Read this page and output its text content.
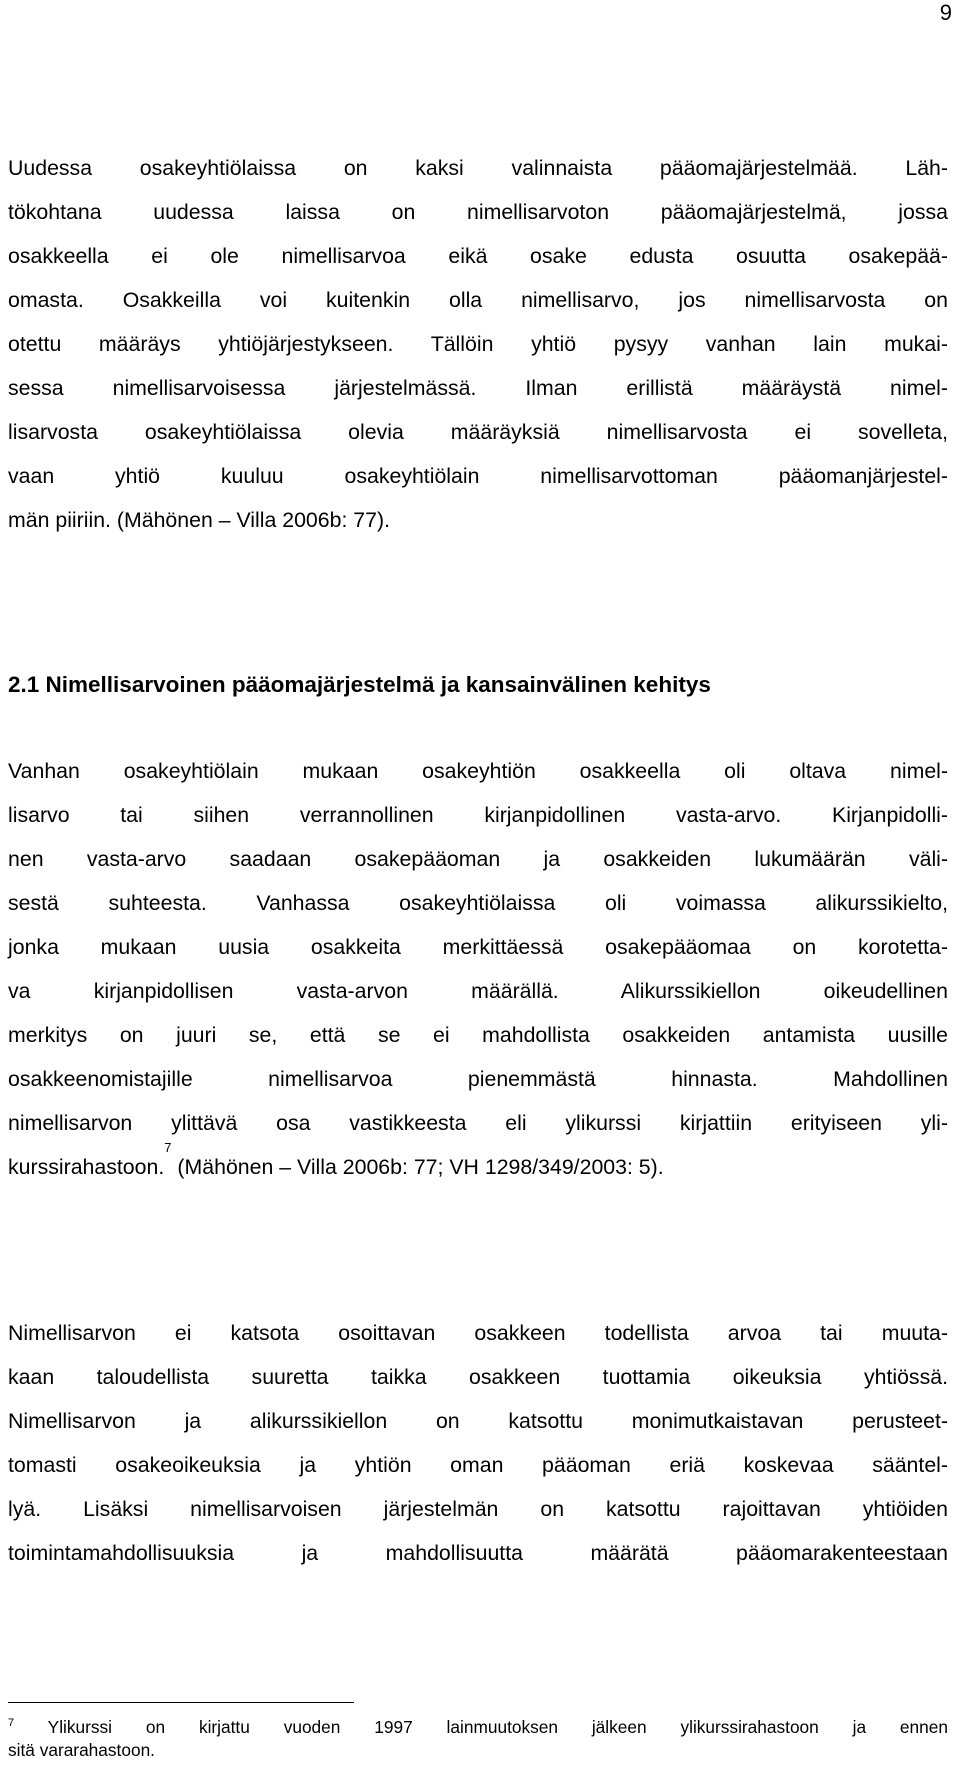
9
Uudessa osakeyhtiölaissa on kaksi valinnaista pääomajärjestelmää. Läh-
tökohtana uudessa laissa on nimellisarvoton pääomajärjestelmä, jossa
osakkeella ei ole nimellisarvoa eikä osake edusta osuutta osakepää-
omasta. Osakkeilla voi kuitenkin olla nimellisarvo, jos nimellisarvosta on
otettu määräys yhtiöjärjestykseen. Tällöin yhtiö pysyy vanhan lain mukai-
sessa nimellisarvoisessa järjestelmässä. Ilman erillistä määräystä nimel-
lisarvosta osakeyhtiölaissa olevia määräyksiä nimellisarvosta ei sovelleta,
vaan yhtiö kuuluu osakeyhtiölain nimellisarvottoman pääomanjärjestel-
män piiriin. (Mähönen – Villa 2006b: 77).
2.1 Nimellisarvoinen pääomajärjestelmä ja kansainvälinen kehitys
Vanhan osakeyhtiölain mukaan osakeyhtiön osakkeella oli oltava nimel-
lisarvo tai siihen verrannollinen kirjanpidollinen vasta-arvo. Kirjanpidolli-
nen vasta-arvo saadaan osakepääoman ja osakkeiden lukumäärän väli-
sestä suhteesta. Vanhassa osakeyhtiölaissa oli voimassa alikurssikielto,
jonka mukaan uusia osakkeita merkittäessä osakepääomaa on korotetta-
va kirjanpidollisen vasta-arvon määrällä. Alikurssikiellon oikeudellinen
merkitys on juuri se, että se ei mahdollista osakkeiden antamista uusille
osakkeenomistajille nimellisarvoa pienemmästä hinnasta. Mahdollinen
nimellisarvon ylittävä osa vastikkeesta eli ylikurssi kirjattiin erityiseen yli-
kurssirahastoon.$^7$ (Mähönen – Villa 2006b: 77; VH 1298/349/2003: 5).
Nimellisarvon ei katsota osoittavan osakkeen todellista arvoa tai muuta-
kaan taloudellista suuretta taikka osakkeen tuottamia oikeuksia yhtiössä.
Nimellisarvon ja alikurssikiellon on katsottu monimutkaistavan perusteet-
tomasti osakeoikeuksia ja yhtiön oman pääoman eriä koskevaa sääntel-
lyä. Lisäksi nimellisarvoisen järjestelmän on katsottu rajoittavan yhtiöiden
toimintamahdollisuuksia ja mahdollisuutta määrätä pääomarakenteestaan
$^7$ Ylikurssi on kirjattu vuoden 1997 lainmuutoksen jälkeen ylikurssirahastoon ja ennen
sitä vararahastoon.
